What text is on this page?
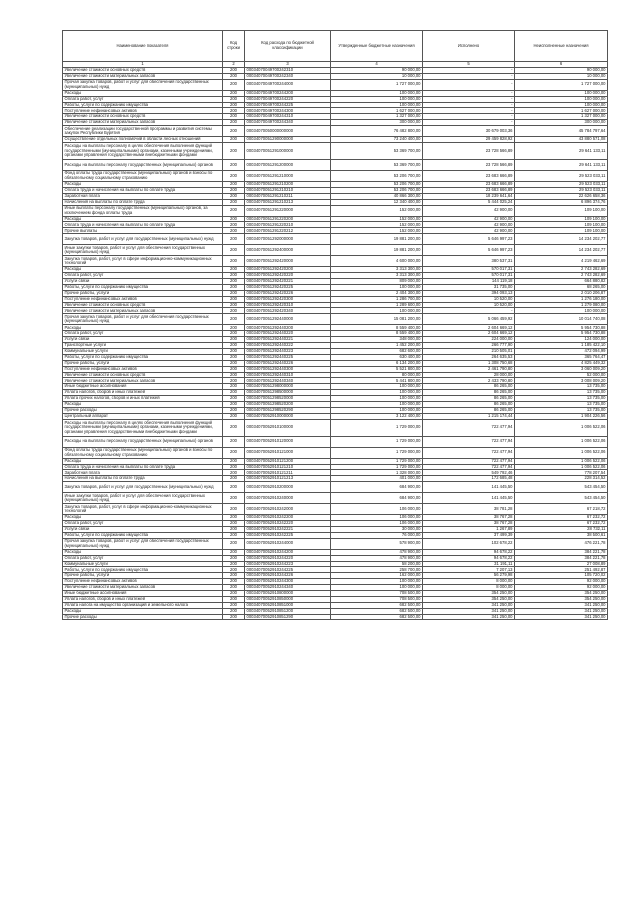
Наименование показателя	Код строки	Код расхода по бюджетной классификации	Утвержденные бюджетные назначения	Исполнено	Неисполненные назначения
1	2	3	4	5	6
Увеличение стоимости основных средств	200	00034070049700242310	90 000,00	-	90 000,00
Увеличение стоимости материальных запасов	200	00034070049700242340	10 000,00	-	10 000,00
Прочая закупка товаров, работ и услуг для обеспечения государственных (муниципальных) нужд	200	00034070049700244000	1 727 000,00	-	1 727 000,00
Расходы	200	00034070049700244200	100 000,00	-	100 000,00
Оплата работ, услуг	200	00034070049700244220	100 000,00	-	100 000,00
Работы, услуги по содержанию имущества	200	00034070049700244225	100 000,00	-	100 000,00
Поступление нефинансовых активов	200	00034070049700244300	1 627 000,00	-	1 627 000,00
Увеличение стоимости основных средств	200	00034070049700244310	1 327 000,00	-	1 327 000,00
Увеличение стоимости материальных запасов	200	00034070049700244340	300 000,00	-	300 000,00
Обеспечение реализации государственной программы и развития системы закупок Республики Бурятия	200	00034070050000000000	76 482 800,00	30 679 003,36	45 784 797,64
Осуществление отдельных полномочий в области лесных отношений	200	00034070051290000000	73 240 400,00	29 459 828,92	43 880 571,08
Расходы на выплаты персоналу в целях обеспечения выполнения функций государственными (муниципальными) органами, казенными учреждениями, органами управления государственными внебюджетными фондами	200	00034070051291000000	53 369 700,00	23 728 566,89	29 641 133,11
Расходы на выплаты персоналу государственных (муниципальных) органов	200	00034070051291200000	53 369 700,00	23 728 566,89	29 641 133,11
Фонд оплаты труда государственных (муниципальных) органов и взносы по обязательному социальному страхованию	200	00034070051291210000	53 206 700,00	23 683 666,89	29 523 033,11
Расходы	200	00034070051291210200	53 206 700,00	23 683 666,89	29 523 033,11
Оплата труда и начисления на выплаты по оплате труда	200	00034070051291210210	53 206 700,00	23 683 666,89	29 523 033,11
Заработная плата	200	00034070051291210211	40 866 300,00	18 239 641,64	22 626 658,36
Начисления на выплаты по оплате труда	200	00034070051291210213	12 340 400,00	5 444 025,24	6 896 374,76
Иные выплаты персоналу государственных (муниципальных) органов, за исключением фонда оплаты труда	200	00034070051291220000	152 000,00	42 900,00	109 100,00
Расходы	200	00034070051291220200	152 000,00	42 900,00	109 100,00
Оплата труда и начисления на выплаты по оплате труда	200	00034070051291220210	152 000,00	42 900,00	109 100,00
Прочие выплаты	200	00034070051291220212	152 000,00	42 900,00	109 100,00
Закупка товаров, работ и услуг для государственных (муниципальных) нужд	200	00034070051292000000	19 881 200,00	5 646 997,23	14 234 202,77
Иные закупки товаров, работ и услуг для обеспечения государственных (муниципальных) нужд	200	00034070051292400000	19 881 200,00	5 646 997,23	14 234 202,77
Закупка товаров, работ, услуг в сфере информационно-коммуникационных технологий	200	00034070051292420000	4 600 000,00	380 537,31	4 219 462,69
Расходы	200	00034070051292420200	3 313 300,00	570 017,31	2 743 282,69
Оплата работ, услуг	200	00034070051292420220	3 313 300,00	570 017,31	2 743 282,69
Услуги связи	200	00034070051292420221	809 000,00	144 119,18	664 880,82
Работы, услуги по содержанию имущества	200	00034070051292420225	100 000,00	31 735,00	68 265,00
Прочие работы, услуги	200	00034070051292420226	2 404 300,00	394 093,13	2 010 206,87
Поступление нефинансовых активов	200	00034070051292420300	1 286 700,00	10 520,00	1 276 180,00
Увеличение стоимости основных средств	200	00034070051292420310	1 289 600,00	10 520,00	1 279 080,00
Увеличение стоимости материальных запасов	200	00034070051292420340	100 000,00	-	100 000,00
Прочая закупка товаров, работ и услуг для обеспечения государственных (муниципальных) нужд	200	00034070051292440000	15 081 200,00	5 066 459,92	10 014 740,08
Расходы	200	00034070051292440200	8 559 400,00	2 604 669,12	5 954 730,88
Оплата работ, услуг	200	00034070051292440220	8 559 400,00	2 604 669,12	5 954 730,88
Услуги связи	200	00034070051292440221	348 000,00	224 000,00	124 000,00
Транспортные услуги	200	00034070051292440222	1 452 200,00	266 777,90	1 185 422,10
Коммунальные услуги	200	00034070051292440223	682 600,00	210 505,01	472 094,99
Работы, услуги по содержанию имущества	200	00034070051292440225	630 400,00	264 635,53	365 764,47
Прочие работы, услуги	200	00034070051292440226	6 134 200,00	1 308 750,68	4 825 449,32
Поступление нефинансовых активов	200	00034070051292440300	5 521 800,00	2 461 790,80	3 060 009,20
Увеличение стоимости основных средств	200	00034070051292440310	80 000,00	28 000,00	52 000,00
Увеличение стоимости материальных запасов	200	00034070051292440340	5 441 800,00	2 433 790,80	3 008 009,20
Иные бюджетные ассигнования	200	00034070051298000000	100 000,00	86 265,00	13 735,00
Уплата налогов, сборов и иных платежей	200	00034070051298500000	100 000,00	86 265,00	13 735,00
Уплата прочих налогов, сборов и иных платежей	200	00034070051298520000	100 000,00	86 265,00	13 735,00
Расходы	200	00034070051298520200	100 000,00	86 265,00	13 735,00
Прочие расходы	200	00034070051298520290	100 000,00	86 265,00	13 735,00
Центральный аппарат	200	00034070052910000000	3 122 400,00	1 215 174,44	1 904 226,56
Расходы на выплаты персоналу в целях обеспечения выполнения функций государственными (муниципальными) органами, казенными учреждениями, органами управления государственными внебюджетными фондами	200	00034070052910100000	1 729 000,00	722 477,94	1 006 522,06
Расходы на выплаты персоналу государственных (муниципальных) органов	200	00034070052910120000	1 729 000,00	722 477,94	1 006 522,06
Фонд оплаты труда государственных (муниципальных) органов и взносы по обязательному социальному страхованию	200	00034070052910121000	1 729 000,00	722 477,94	1 006 522,06
Расходы	200	00034070052910121200	1 729 000,00	722 477,94	1 006 522,06
Оплата труда и начисления на выплаты по оплате труда	200	00034070052910121210	1 729 000,00	722 477,94	1 006 522,06
Заработная плата	200	00034070052910121211	1 328 000,00	549 792,46	778 207,54
Начисления на выплаты по оплате труда	200	00034070052910121213	401 000,00	172 685,48	228 314,52
Закупка товаров, работ и услуг для государственных (муниципальных) нужд	200	00034070052910200000	684 900,00	141 445,50	543 454,50
Иные закупки товаров, работ и услуг для обеспечения государственных (муниципальных) нужд	200	00034070052910240000	684 900,00	141 445,50	543 454,50
Закупка товаров, работ, услуг в сфере информационно-коммуникационных технологий	200	00034070052910242000	106 000,00	38 781,28	67 218,72
Расходы	200	00034070052910242200	106 000,00	38 767,28	67 232,72
Оплата работ, услуг	200	00034070052910242220	106 000,00	38 767,28	67 232,72
Услуги связи	200	00034070052910242221	30 000,00	1 267,89	28 732,11
Работы, услуги по содержанию имущества	200	00034070052910242225	76 000,00	37 499,39	38 500,61
Прочая закупка товаров, работ и услуг для обеспечения государственных (муниципальных) нужд	200	00034070052910244000	578 900,00	102 678,22	476 221,78
Расходы	200	00034070052910244200	478 900,00	94 678,22	384 221,78
Оплата работ, услуг	200	00034070052910244220	478 900,00	94 678,22	384 221,78
Коммунальные услуги	200	00034070052910244223	58 200,00	31 191,11	27 008,89
Работы, услуги по содержанию имущества	200	00034070052910244225	258 700,00	7 207,13	251 492,87
Прочие работы, услуги	200	00034070052910244226	162 000,00	56 279,98	105 720,02
Поступление нефинансовых активов	200	00034070052910244300	100 000,00	8 000,00	92 000,00
Увеличение стоимости материальных запасов	200	00034070052910244340	100 000,00	8 000,00	92 000,00
Иные бюджетные ассигнования	200	00034070052910800000	708 500,00	354 250,00	354 250,00
Уплата налогов, сборов и иных платежей	200	00034070052910850000	708 500,00	354 250,00	354 250,00
Уплата налога на имущество организаций и земельного налога	200	00034070052910851000	682 500,00	341 250,00	341 250,00
Расходы	200	00034070052910851200	682 500,00	341 250,00	341 250,00
Прочие расходы	200	00034070052910851290	682 500,00	341 250,00	341 250,00
